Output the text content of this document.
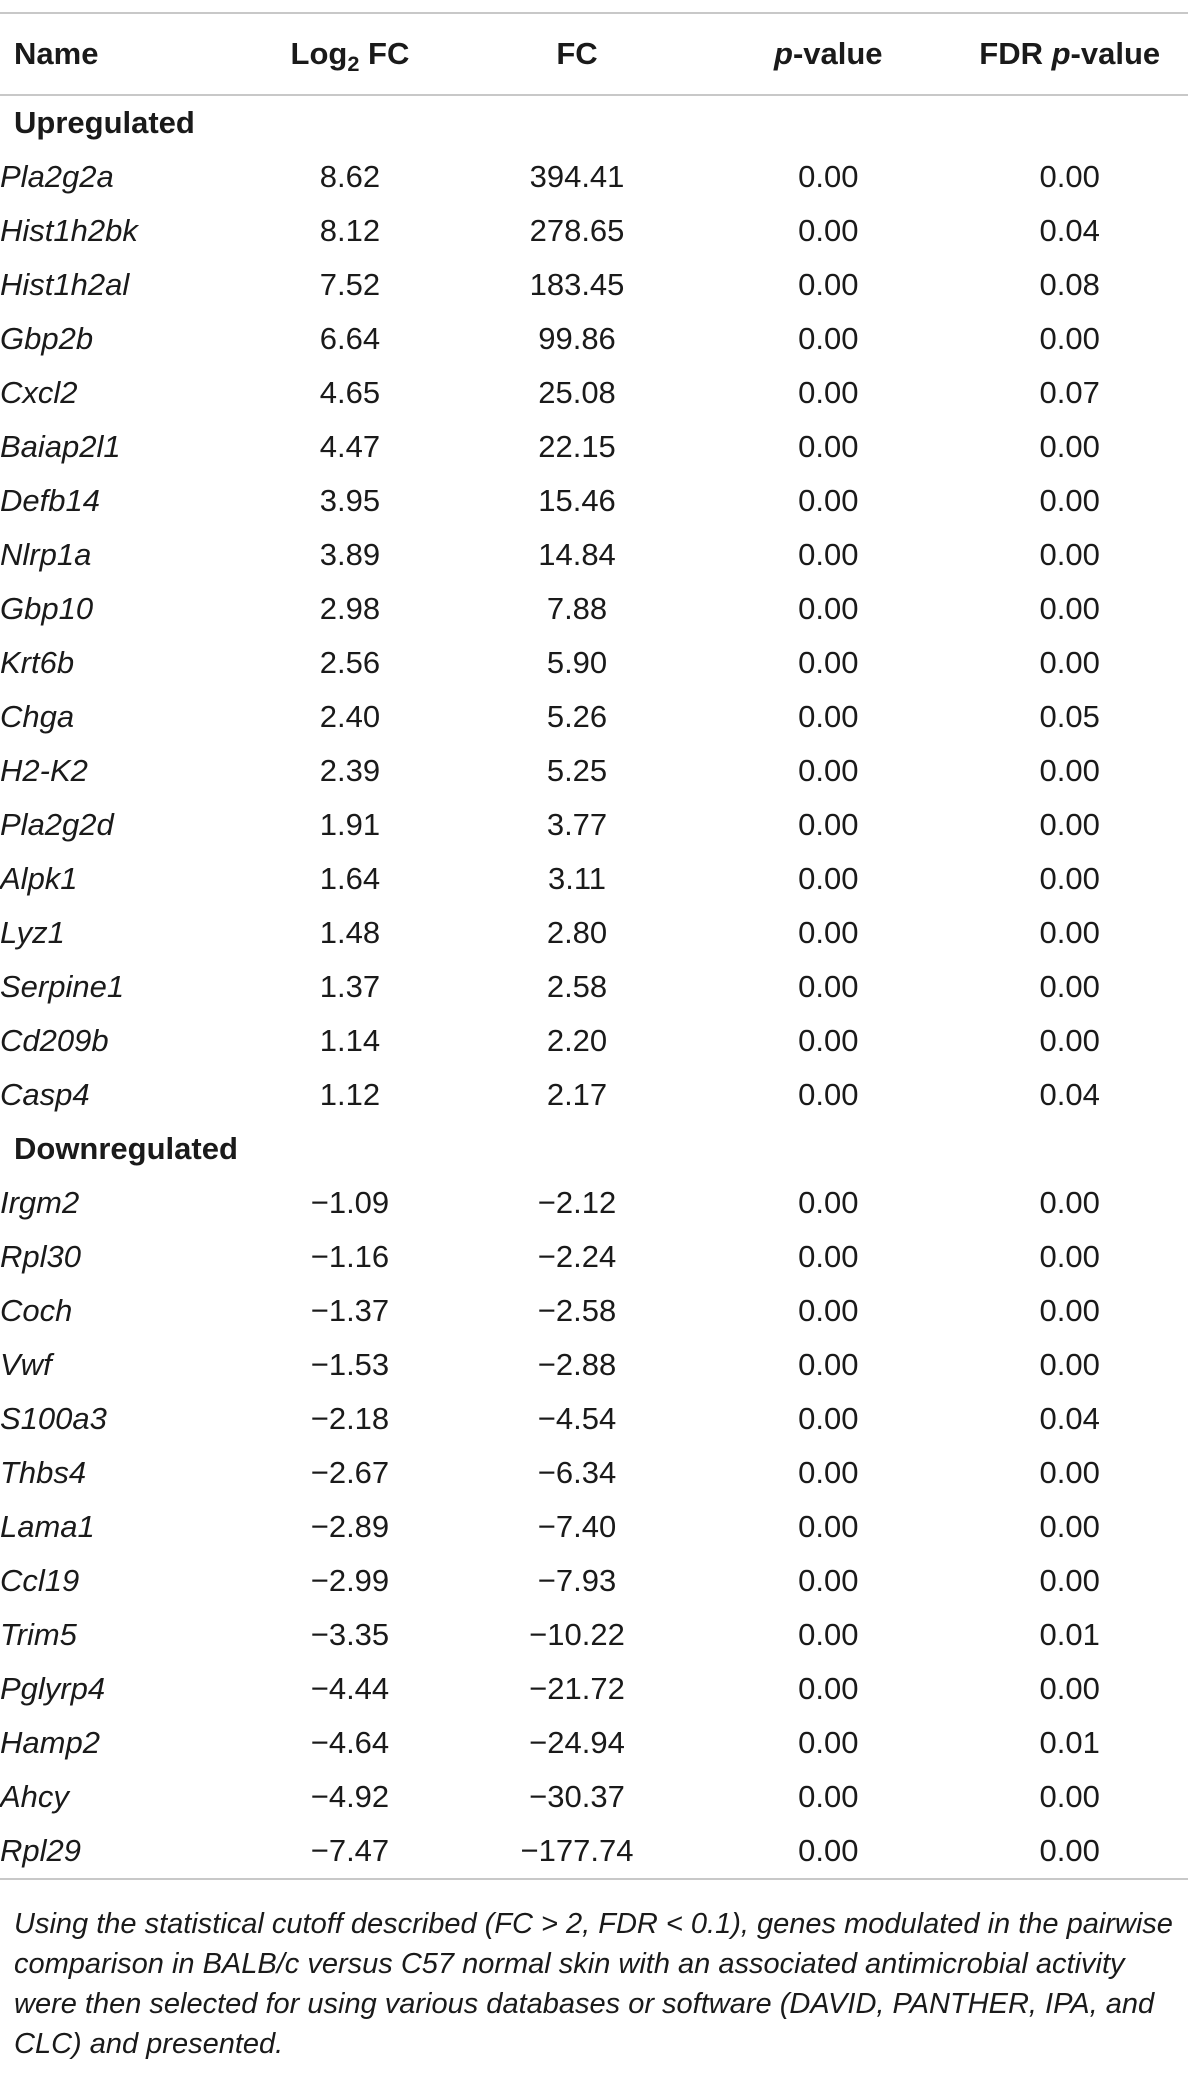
Name	Log$_2$ FC	FC	p-value	FDR p-value
Upregulated				
Pla2g2a	8.62	394.41	0.00	0.00
Hist1h2bk	8.12	278.65	0.00	0.04
Hist1h2al	7.52	183.45	0.00	0.08
Gbp2b	6.64	99.86	0.00	0.00
Cxcl2	4.65	25.08	0.00	0.07
Baiap2l1	4.47	22.15	0.00	0.00
Defb14	3.95	15.46	0.00	0.00
Nlrp1a	3.89	14.84	0.00	0.00
Gbp10	2.98	7.88	0.00	0.00
Krt6b	2.56	5.90	0.00	0.00
Chga	2.40	5.26	0.00	0.05
H2-K2	2.39	5.25	0.00	0.00
Pla2g2d	1.91	3.77	0.00	0.00
Alpk1	1.64	3.11	0.00	0.00
Lyz1	1.48	2.80	0.00	0.00
Serpine1	1.37	2.58	0.00	0.00
Cd209b	1.14	2.20	0.00	0.00
Casp4	1.12	2.17	0.00	0.04
Downregulated				
Irgm2	−1.09	−2.12	0.00	0.00
Rpl30	−1.16	−2.24	0.00	0.00
Coch	−1.37	−2.58	0.00	0.00
Vwf	−1.53	−2.88	0.00	0.00
S100a3	−2.18	−4.54	0.00	0.04
Thbs4	−2.67	−6.34	0.00	0.00
Lama1	−2.89	−7.40	0.00	0.00
Ccl19	−2.99	−7.93	0.00	0.00
Trim5	−3.35	−10.22	0.00	0.01
Pglyrp4	−4.44	−21.72	0.00	0.00
Hamp2	−4.64	−24.94	0.00	0.01
Ahcy	−4.92	−30.37	0.00	0.00
Rpl29	−7.47	−177.74	0.00	0.00
Using the statistical cutoff described (FC > 2, FDR < 0.1), genes modulated in the pairwise comparison in BALB/c versus C57 normal skin with an associated antimicrobial activity were then selected for using various databases or software (DAVID, PANTHER, IPA, and CLC) and presented.
